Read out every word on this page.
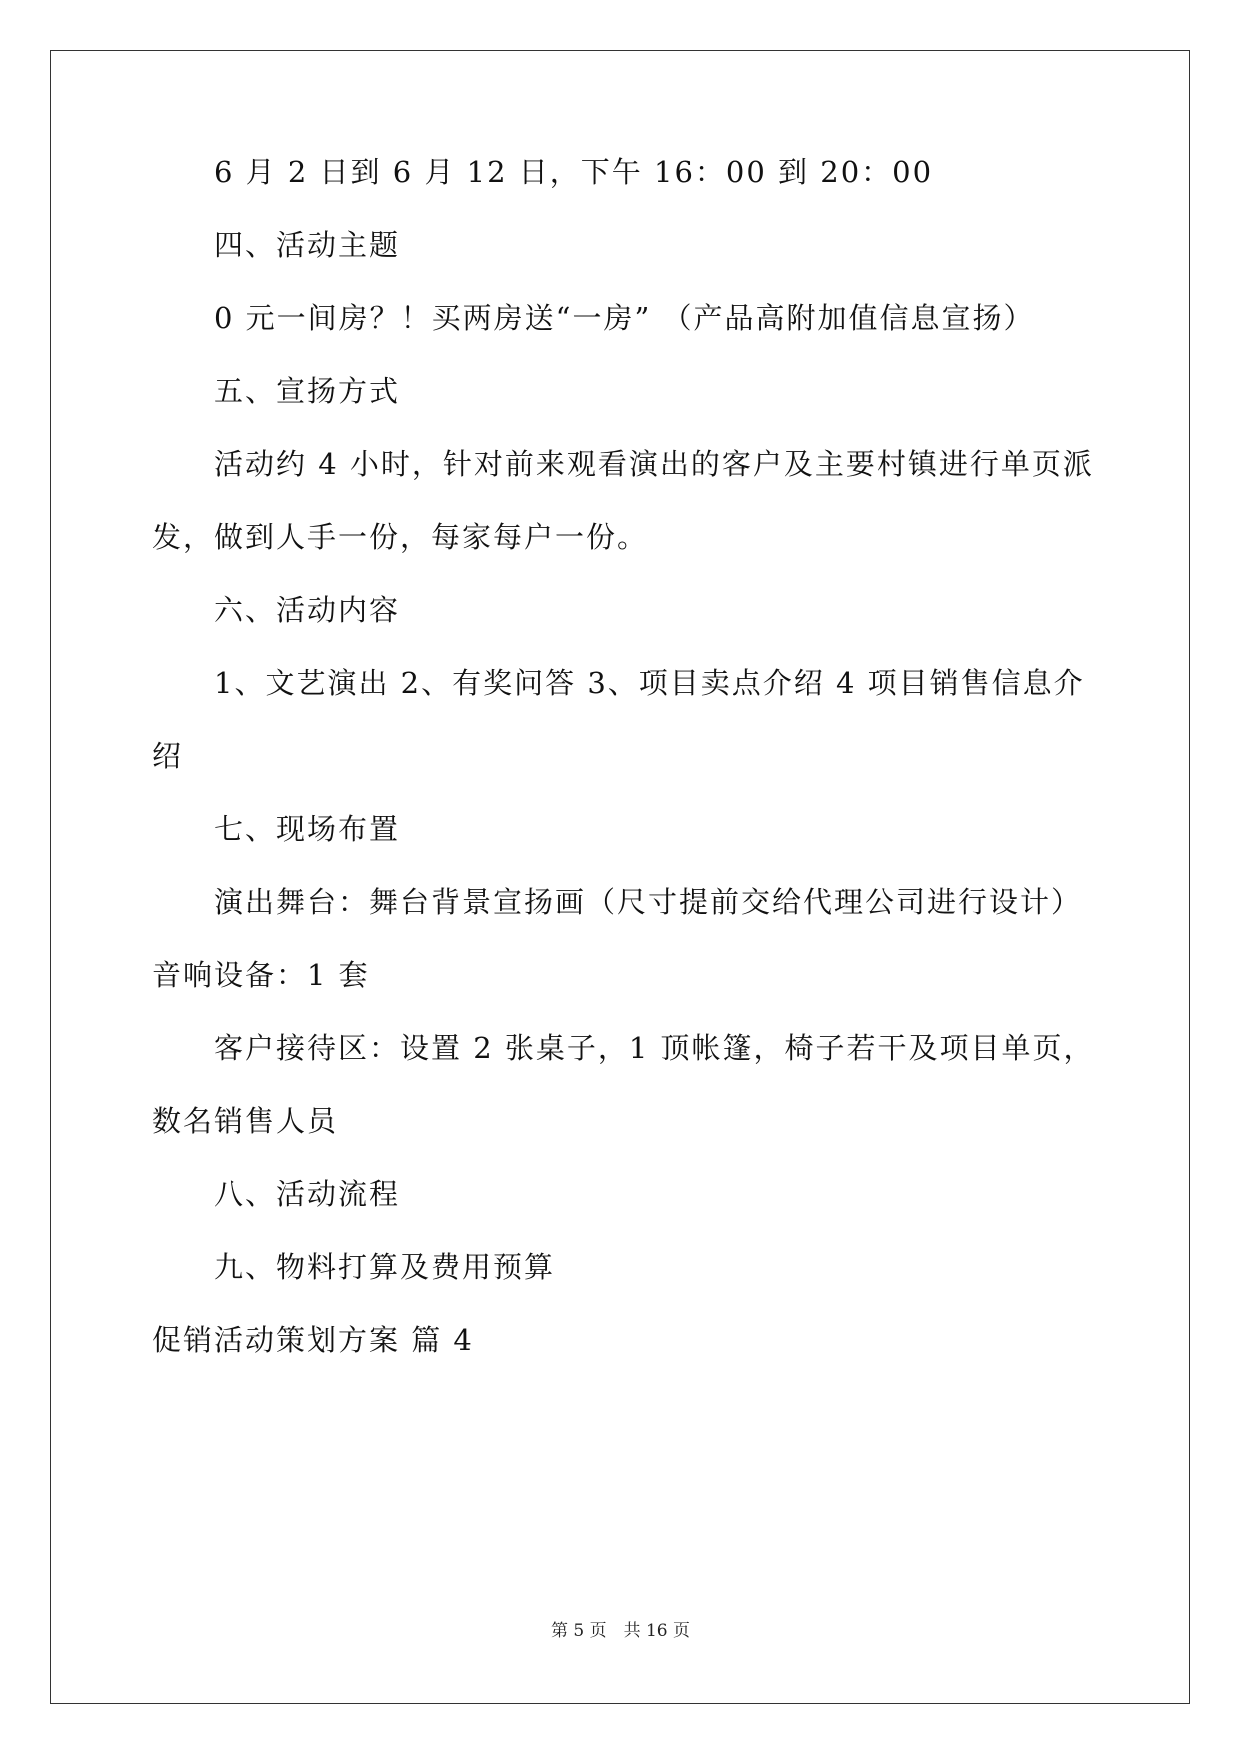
6 月 2 日到 6 月 12 日，下午 16：00 到 20：00
四、活动主题
0 元一间房？！买两房送“一房” （产品高附加值信息宣扬）
五、宣扬方式
活动约 4 小时，针对前来观看演出的客户及主要村镇进行单页派
发，做到人手一份，每家每户一份。
六、活动内容
1、文艺演出 2、有奖问答 3、项目卖点介绍 4 项目销售信息介
绍
七、现场布置
演出舞台：舞台背景宣扬画（尺寸提前交给代理公司进行设计）
音响设备：1 套
客户接待区：设置 2 张桌子，1 顶帐篷，椅子若干及项目单页，
数名销售人员
八、活动流程
九、物料打算及费用预算
促销活动策划方案 篇 4
第 5 页　共 16 页
